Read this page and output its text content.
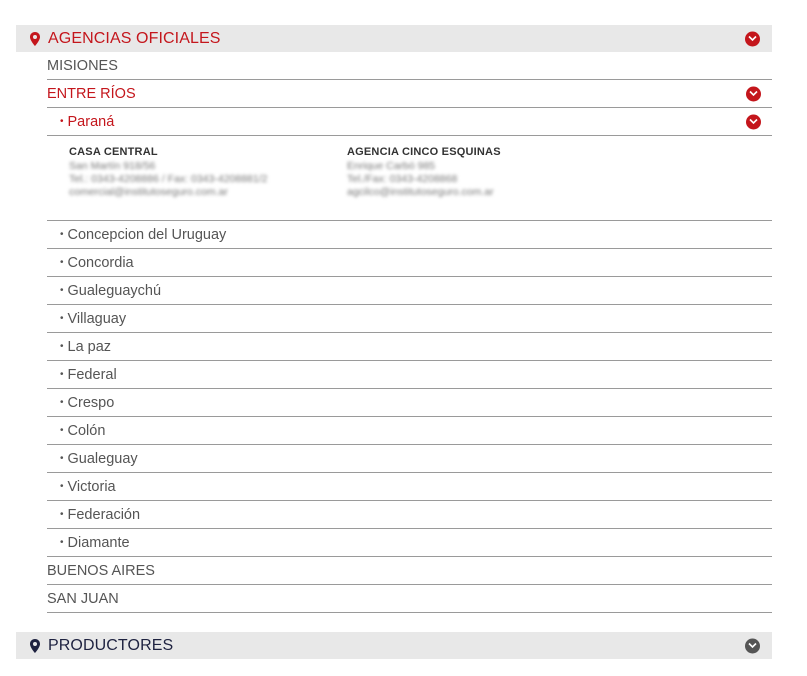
AGENCIAS OFICIALES
MISIONES
ENTRE RÍOS
• Paraná
CASA CENTRAL
San Martín 918/56
Tel.: 0343-4208886 / Fax: 0343-4208881/2
comercial@institutoseguro.com.ar
AGENCIA CINCO ESQUINAS
Enrique Carbó 985
Tel./Fax: 0343-4208868
agcilco@institutoseguro.com.ar
• Concepcion del Uruguay
• Concordia
• Gualeguaychú
• Villaguay
• La paz
• Federal
• Crespo
• Colón
• Gualeguay
• Victoria
• Federación
• Diamante
BUENOS AIRES
SAN JUAN
PRODUCTORES
